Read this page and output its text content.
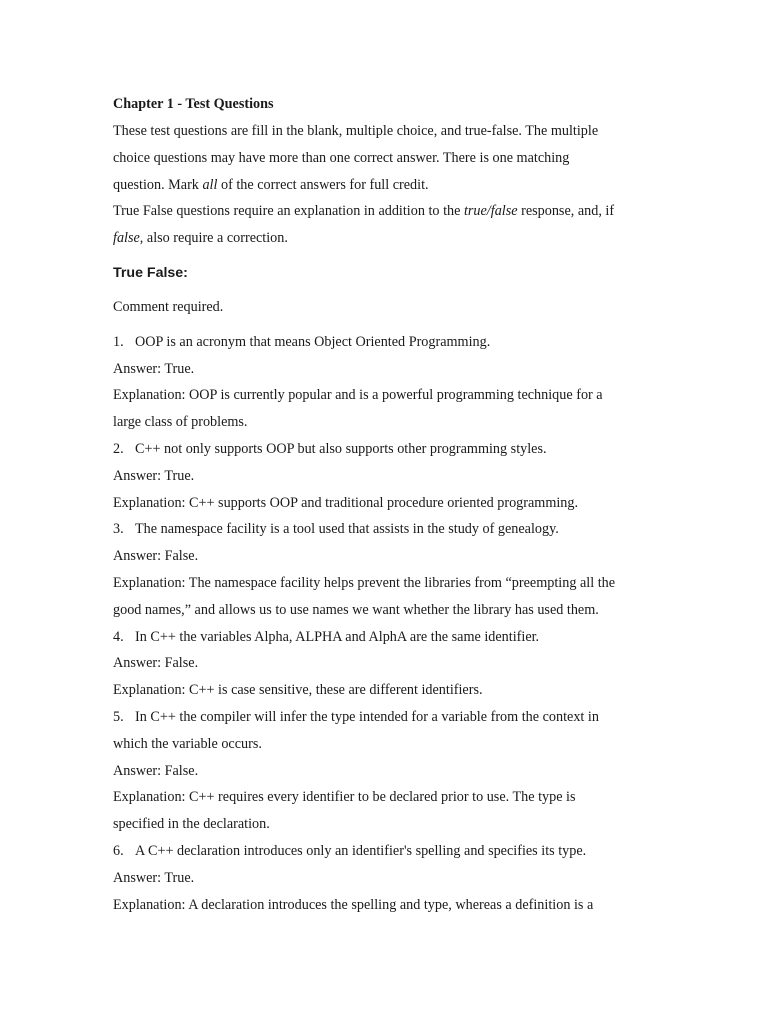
Chapter 1 - Test Questions
These test questions are fill in the blank, multiple choice, and true-false. The multiple
choice questions may have more than one correct answer. There is one matching
question. Mark all of the correct answers for full credit.
True False questions require an explanation in addition to the true/false response, and, if
false, also require a correction.
True False:
Comment required.
1. OOP is an acronym that means Object Oriented Programming.
Answer: True.
Explanation: OOP is currently popular and is a powerful programming technique for a
large class of problems.
2. C++ not only supports OOP but also supports other programming styles.
Answer: True.
Explanation: C++ supports OOP and traditional procedure oriented programming.
3. The namespace facility is a tool used that assists in the study of genealogy.
Answer: False.
Explanation: The namespace facility helps prevent the libraries from “preempting all the
good names,” and allows us to use names we want whether the library has used them.
4. In C++ the variables Alpha, ALPHA and AlphA are the same identifier.
Answer: False.
Explanation: C++ is case sensitive, these are different identifiers.
5. In C++ the compiler will infer the type intended for a variable from the context in
which the variable occurs.
Answer: False.
Explanation: C++ requires every identifier to be declared prior to use. The type is
specified in the declaration.
6. A C++ declaration introduces only an identifier's spelling and specifies its type.
Answer: True.
Explanation: A declaration introduces the spelling and type, whereas a definition is a
